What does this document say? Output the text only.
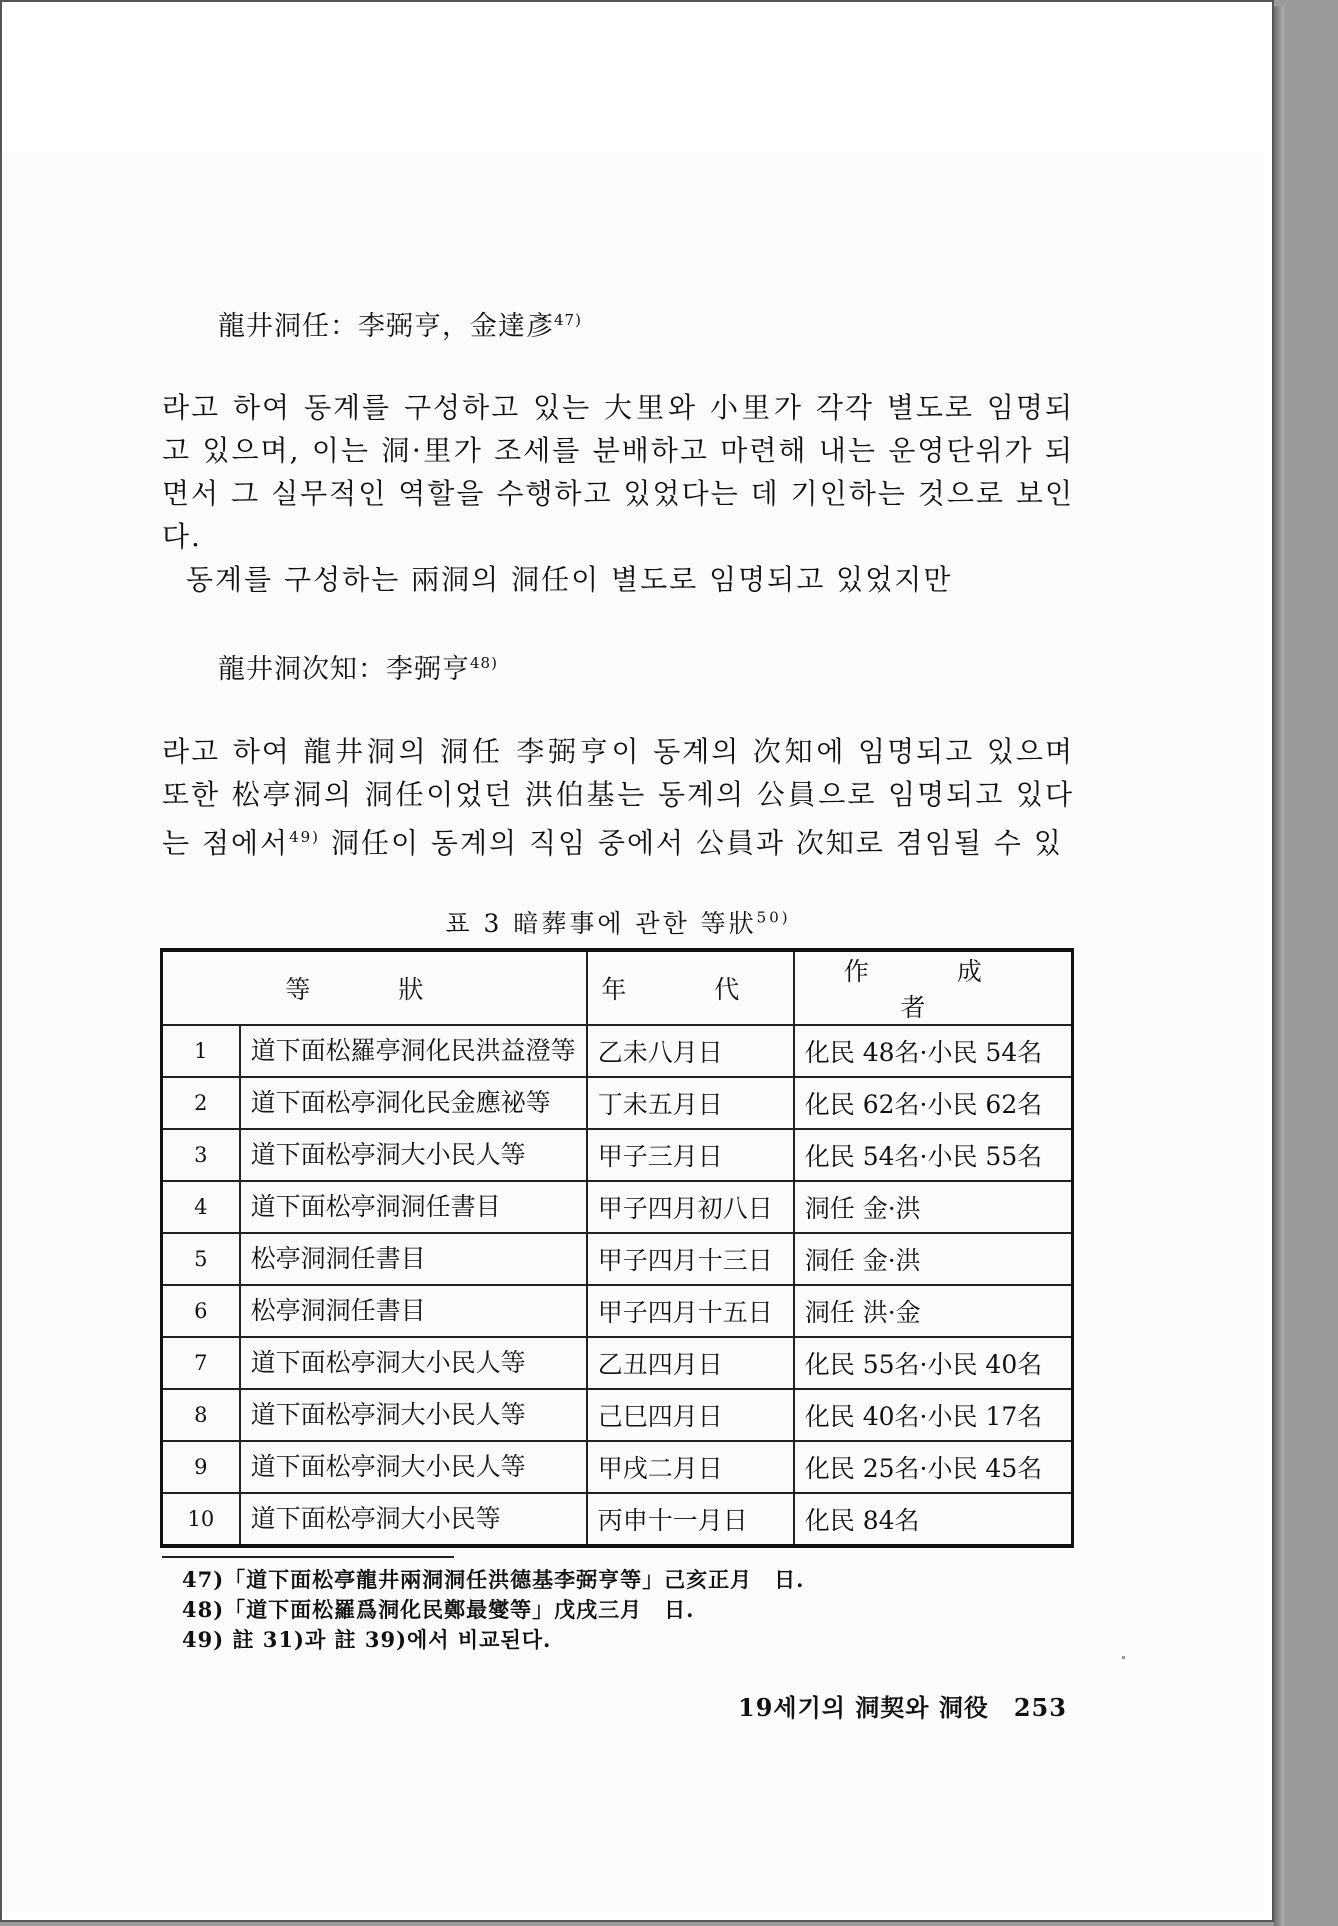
龍井洞任：李弼亨，金達彥$^{47)}$
라고 하여 동계를 구성하고 있는 大里와 小里가 각각 별도로 임명되고 있으며, 이는 洞·里가 조세를 분배하고 마련해 내는 운영단위가 되면서 그 실무적인 역할을 수행하고 있었다는 데 기인하는 것으로 보인다.
동계를 구성하는 兩洞의 洞任이 별도로 임명되고 있었지만
龍井洞次知：李弼亨$^{48)}$
라고 하여 龍井洞의 洞任 李弼亨이 동계의 次知에 임명되고 있으며 또한 松亭洞의 洞任이었던 洪伯基는 동계의 公員으로 임명되고 있다는 점에서$^{49)}$ 洞任이 동계의 직임 중에서 公員과 次知로 겸임될 수 있
표 3 暗葬事에 관한 等狀$^{50)}$
等 狀		年 代	作 成 者
1	道下面松羅亭洞化民洪益澄等	乙未八月日	化民 48名·小民 54名
2	道下面松亭洞化民金應祕等	丁未五月日	化民 62名·小民 62名
3	道下面松亭洞大小民人等	甲子三月日	化民 54名·小民 55名
4	道下面松亭洞洞任書目	甲子四月初八日	洞任 金·洪
5	松亭洞洞任書目	甲子四月十三日	洞任 金·洪
6	松亭洞洞任書目	甲子四月十五日	洞任 洪·金
7	道下面松亭洞大小民人等	乙丑四月日	化民 55名·小民 40名
8	道下面松亭洞大小民人等	己巳四月日	化民 40名·小民 17名
9	道下面松亭洞大小民人等	甲戌二月日	化民 25名·小民 45名
10	道下面松亭洞大小民等	丙申十一月日	化民 84名
47)「道下面松亭龍井兩洞洞任洪德基李弼亨等」己亥正月　日.
48)「道下面松羅爲洞化民鄭最燮等」戊戌三月　日.
49) 註 31)과 註 39)에서 비교된다.
19세기의 洞契와 洞役　253
